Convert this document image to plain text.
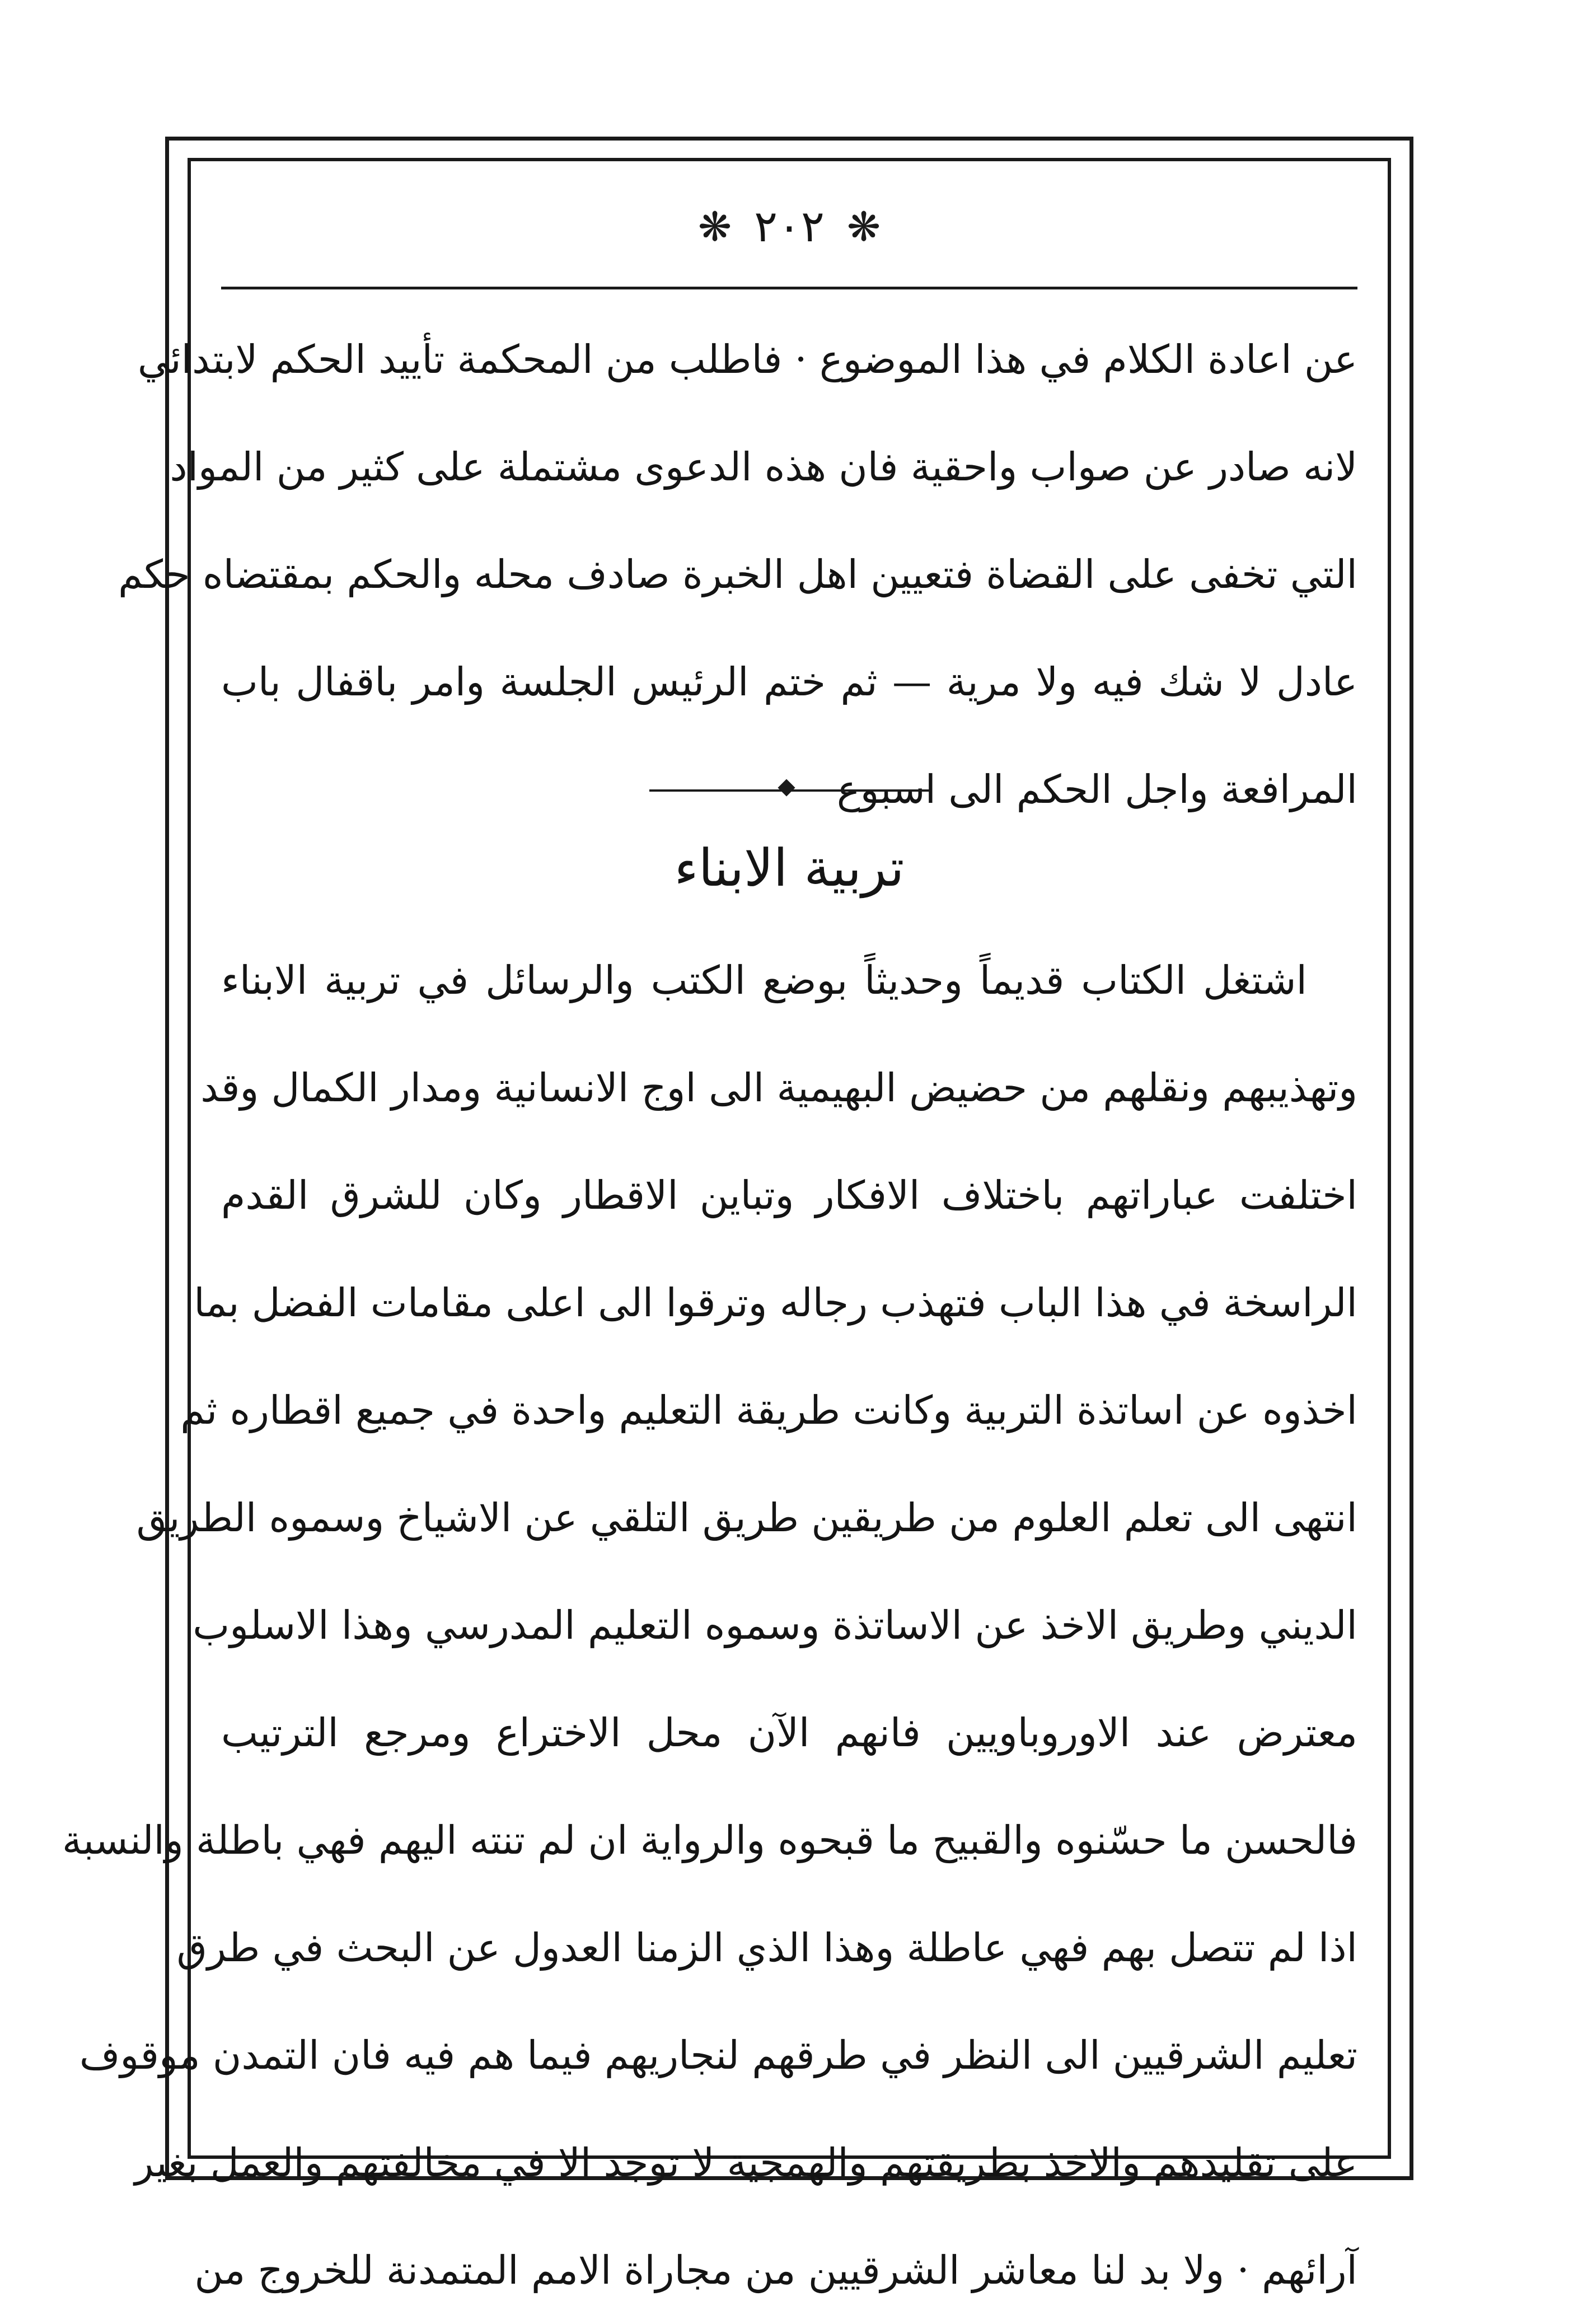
❋
٢٠٢
❋
عن اعادة الكلام في هذا الموضوع · فاطلب من المحكمة تأييد الحكم لابتدائي
لانه صادر عن صواب واحقية فان هذه الدعوى مشتملة على كثير من المواد
التي تخفى على القضاة فتعيين اهل الخبرة صادف محله والحكم بمقتضاه حكم
عادل لا شك فيه ولا مرية — ثم ختم الرئيس الجلسة وامر باقفال باب
المرافعة واجل الحكم الى اسبوع
تربية الابناء
اشتغل الكتاب قديماً وحديثاً بوضع الكتب والرسائل في تربية الابناء
وتهذيبهم ونقلهم من حضيض البهيمية الى اوج الانسانية ومدار الكمال وقد
اختلفت عباراتهم باختلاف الافكار وتباين الاقطار وكان للشرق القدم
الراسخة في هذا الباب فتهذب رجاله وترقوا الى اعلى مقامات الفضل بما
اخذوه عن اساتذة التربية وكانت طريقة التعليم واحدة في جميع اقطاره ثم
انتهى الى تعلم العلوم من طريقين طريق التلقي عن الاشياخ وسموه الطريق
الديني وطريق الاخذ عن الاساتذة وسموه التعليم المدرسي وهذا الاسلوب
معترض عند الاوروباويين فانهم الآن محل الاختراع ومرجع الترتيب
فالحسن ما حسّنوه والقبيح ما قبحوه والرواية ان لم تنته اليهم فهي باطلة والنسبة
اذا لم تتصل بهم فهي عاطلة وهذا الذي الزمنا العدول عن البحث في طرق
تعليم الشرقيين الى النظر في طرقهم لنجاريهم فيما هم فيه فان التمدن موقوف
على تقليدهم والاخذ بطريقتهم والهمجية لا توجد الا في مخالفتهم والعمل بغير
آرائهم · ولا بد لنا معاشر الشرقيين من مجاراة الامم المتمدنة للخروج من
